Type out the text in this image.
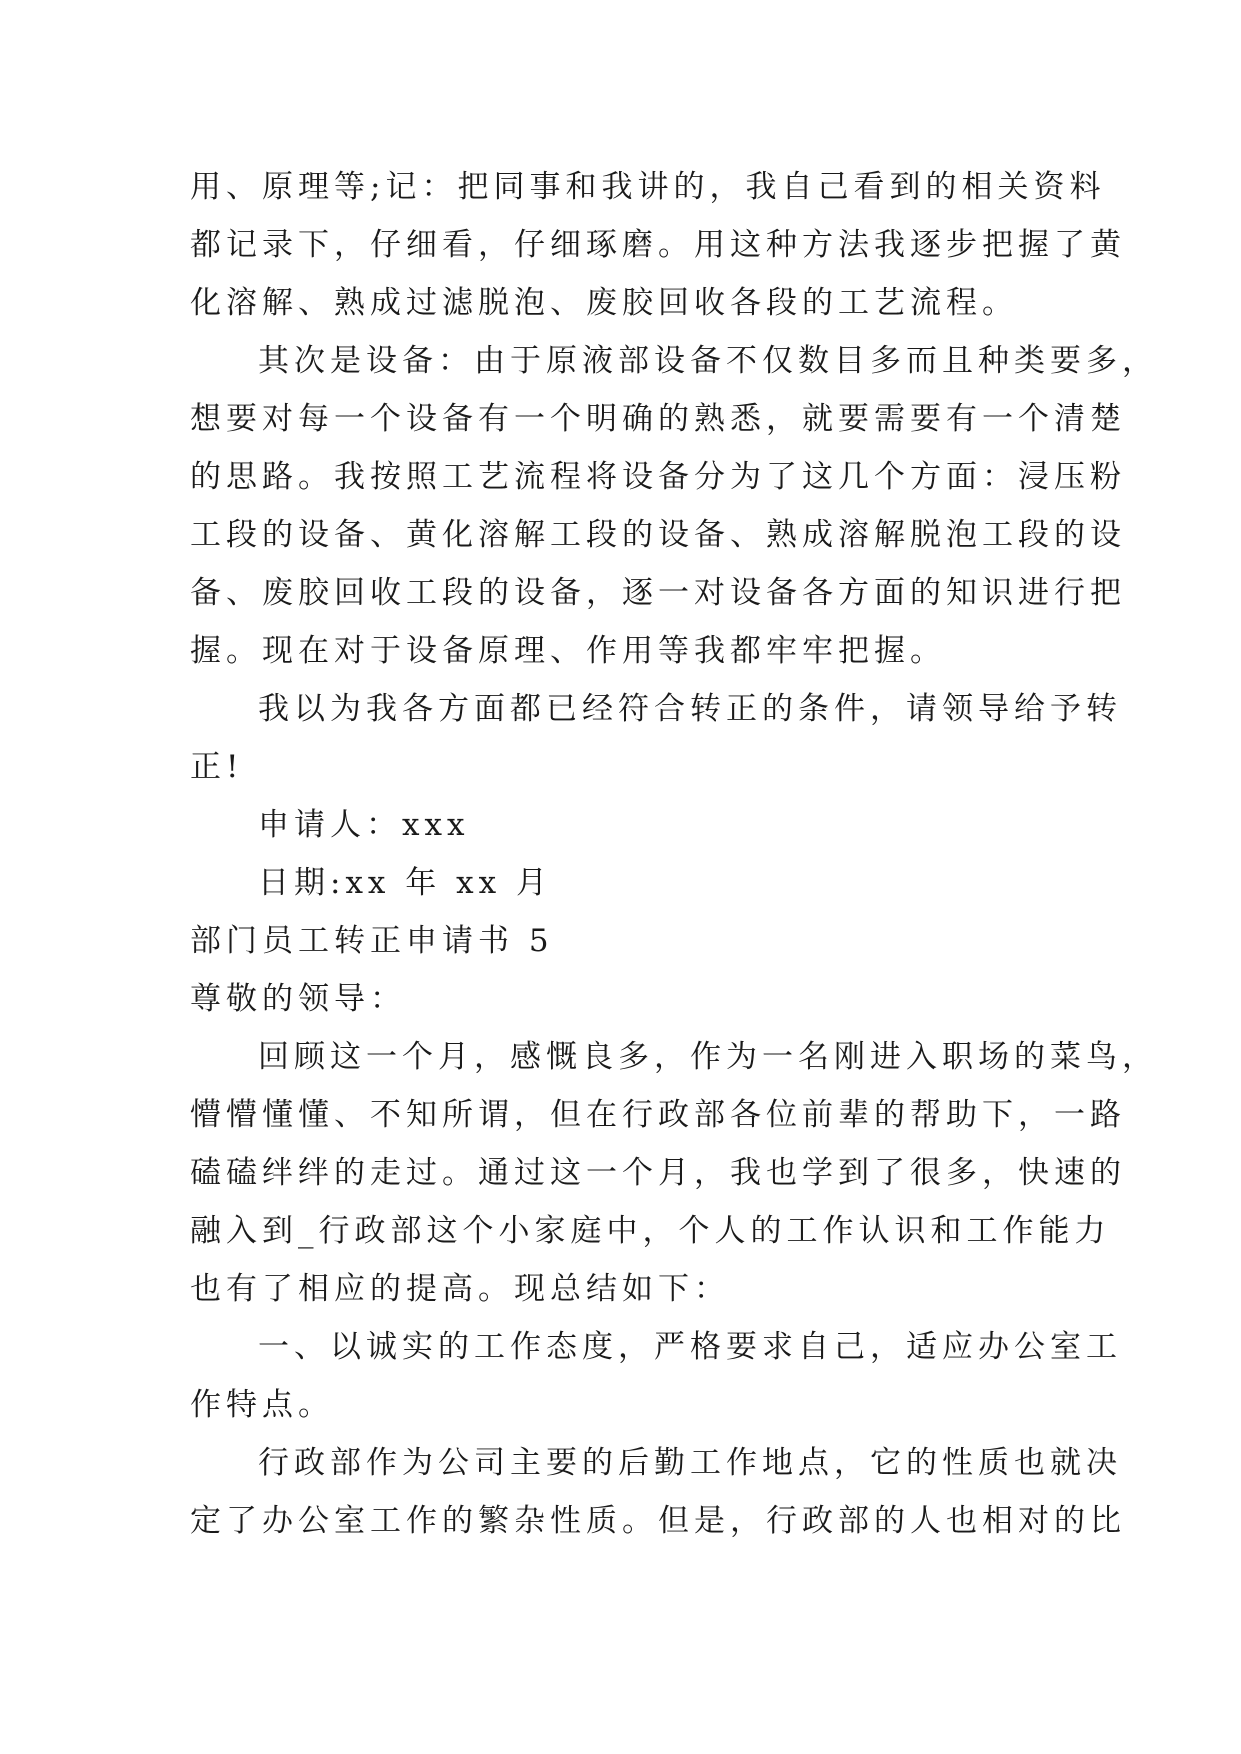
用、原理等;记：把同事和我讲的，我自己看到的相关资料
都记录下，仔细看，仔细琢磨。用这种方法我逐步把握了黄
化溶解、熟成过滤脱泡、废胶回收各段的工艺流程。
其次是设备：由于原液部设备不仅数目多而且种类要多，
想要对每一个设备有一个明确的熟悉，就要需要有一个清楚
的思路。我按照工艺流程将设备分为了这几个方面：浸压粉
工段的设备、黄化溶解工段的设备、熟成溶解脱泡工段的设
备、废胶回收工段的设备，逐一对设备各方面的知识进行把
握。现在对于设备原理、作用等我都牢牢把握。
我以为我各方面都已经符合转正的条件，请领导给予转
正!
申请人：xxx
日期:xx 年 xx 月
部门员工转正申请书 5
尊敬的领导：
回顾这一个月，感慨良多，作为一名刚进入职场的菜鸟，
懵懵懂懂、不知所谓，但在行政部各位前辈的帮助下，一路
磕磕绊绊的走过。通过这一个月，我也学到了很多，快速的
融入到_行政部这个小家庭中，个人的工作认识和工作能力
也有了相应的提高。现总结如下：
一、以诚实的工作态度，严格要求自己，适应办公室工
作特点。
行政部作为公司主要的后勤工作地点，它的性质也就决
定了办公室工作的繁杂性质。但是，行政部的人也相对的比
